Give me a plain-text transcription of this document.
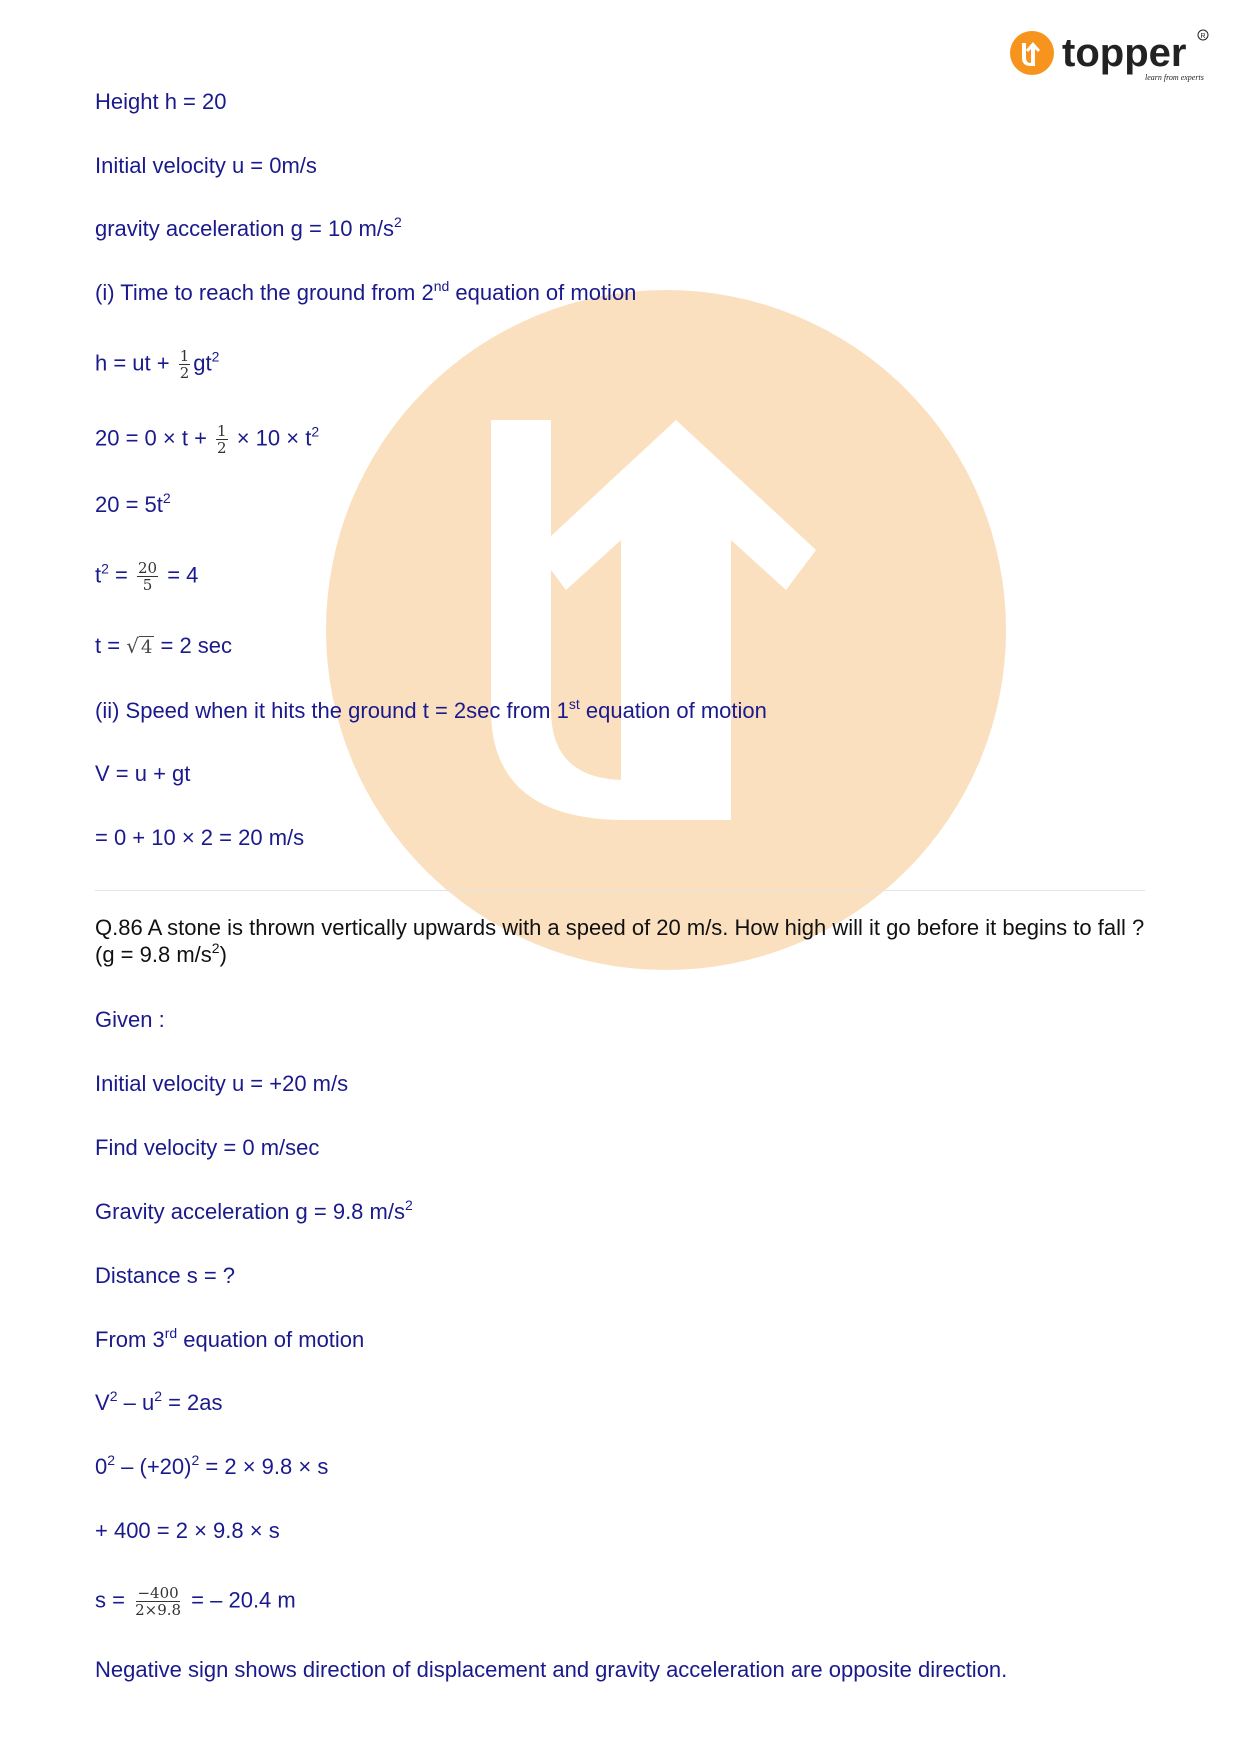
topper R
learn from experts
Height h = 20
Initial velocity u = 0m/s
gravity acceleration g = 10 $m/s^2$
(i) Time to reach the ground from 2nd equation of motion
h = ut + $\frac{1}{2} gt^2$
$20 = 0 \times t + \frac{1}{2} \times 10 \times t^2$
$20 = 5t^2$
$t^2 = \frac{20}{5} = 4$
t = √ 4 = 2 sec
(ii) Speed when it hits the ground t = 2sec from 1st equation of motion
V = u + gt
= 0 + 10 × 2 = 20 m/s
Q.86 A stone is thrown vertically upwards with a speed of 20 m/s. How high will it go before it begins to fall ? (g = 9.8 $m/s^2$)
Given :
Initial velocity u = +20 m/s
Find velocity = 0 m/sec
Gravity acceleration g = 9.8 $m/s^2$
Distance s = ?
From 3rd equation of motion
$V^2 - u^2 = 2as$
$0^2 - (+20)^2 = 2 \times 9.8 \times s$
+ 400 = 2 × 9.8 × s
$s = \frac{-400}{2\times 9.8}$ = – 20.4 m
Negative sign shows direction of displacement and gravity acceleration are opposite direction.
